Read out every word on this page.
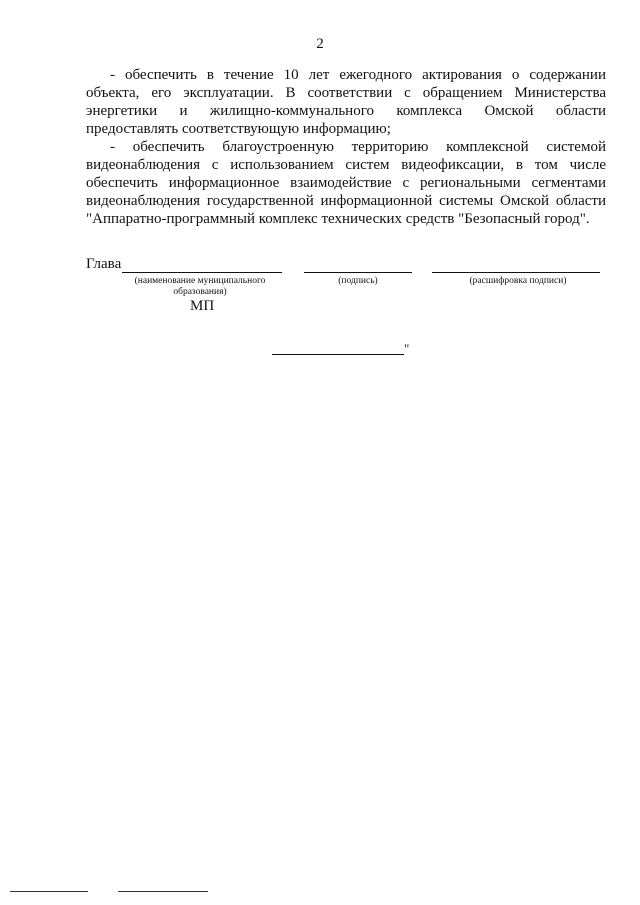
2

- обеспечить в течение 10 лет ежегодного актирования о содержании объекта, его эксплуатации. В соответствии с обращением Министерства энергетики и жилищно-коммунального комплекса Омской области предоставлять соответствующую информацию;

- обеспечить благоустроенную территорию комплексной системой видеонаблюдения с использованием систем видеофиксации, в том числе обеспечить информационное взаимодействие с региональными сегментами видеонаблюдения государственной информационной системы Омской области "Аппаратно-программный комплекс технических средств "Безопасный город".

Глава
(наименование муниципального образования)
(подпись)	(расшифровка подписи)
МП
"
